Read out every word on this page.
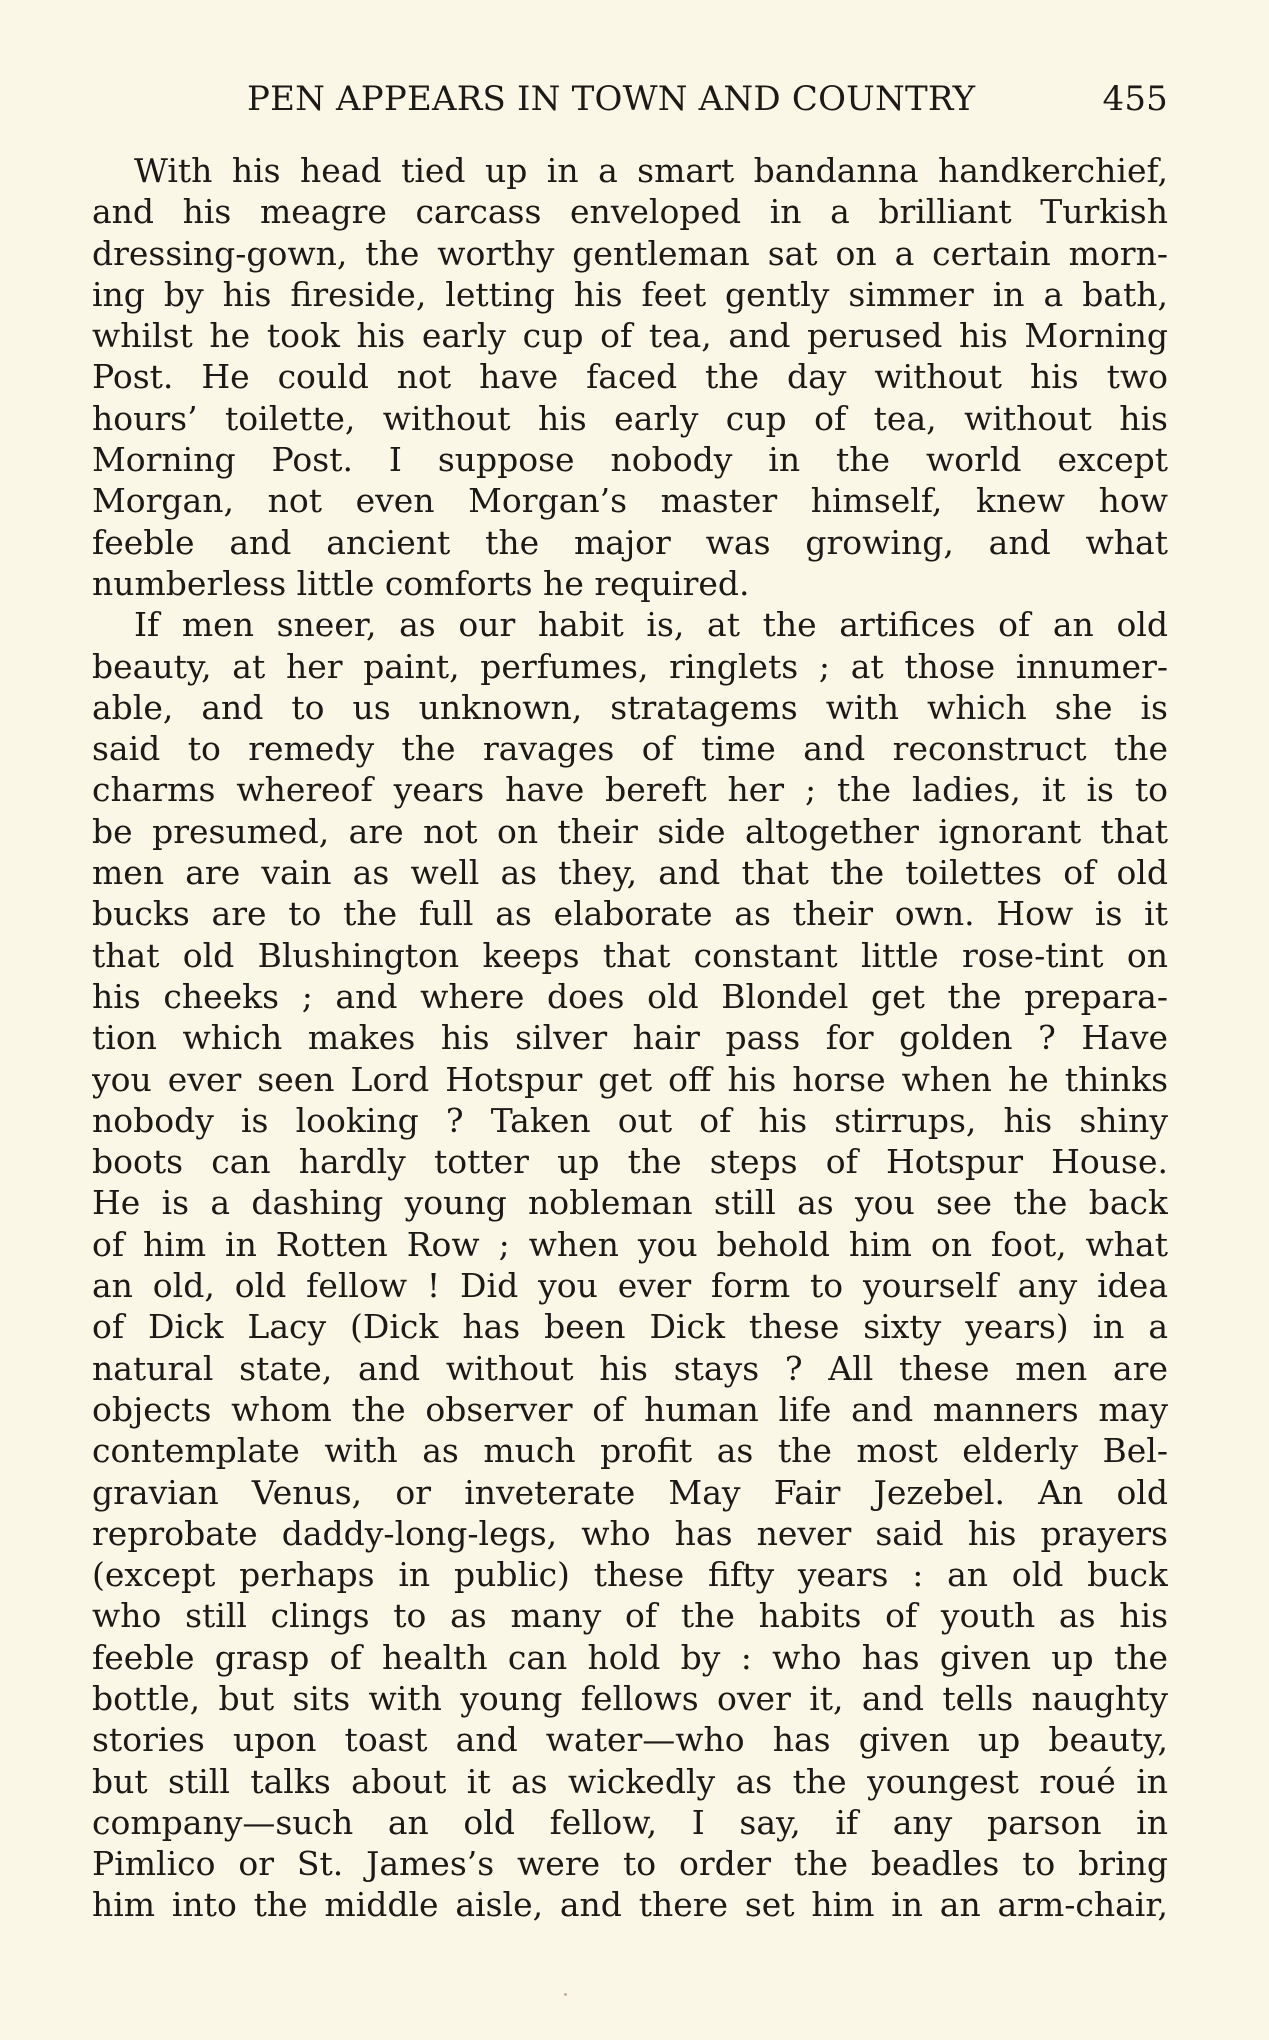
PEN APPEARS IN TOWN AND COUNTRY	455
With his head tied up in a smart bandanna handkerchief,
and his meagre carcass enveloped in a brilliant Turkish
dressing-gown, the worthy gentleman sat on a certain morn-
ing by his fireside, letting his feet gently simmer in a bath,
whilst he took his early cup of tea, and perused his Morning
Post. He could not have faced the day without his two
hours’ toilette, without his early cup of tea, without his
Morning Post. I suppose nobody in the world except
Morgan, not even Morgan’s master himself, knew how
feeble and ancient the major was growing, and what
numberless little comforts he required.
If men sneer, as our habit is, at the artifices of an old
beauty, at her paint, perfumes, ringlets ; at those innumer-
able, and to us unknown, stratagems with which she is
said to remedy the ravages of time and reconstruct the
charms whereof years have bereft her ; the ladies, it is to
be presumed, are not on their side altogether ignorant that
men are vain as well as they, and that the toilettes of old
bucks are to the full as elaborate as their own. How is it
that old Blushington keeps that constant little rose-tint on
his cheeks ; and where does old Blondel get the prepara-
tion which makes his silver hair pass for golden ? Have
you ever seen Lord Hotspur get off his horse when he thinks
nobody is looking ? Taken out of his stirrups, his shiny
boots can hardly totter up the steps of Hotspur House.
He is a dashing young nobleman still as you see the back
of him in Rotten Row ; when you behold him on foot, what
an old, old fellow ! Did you ever form to yourself any idea
of Dick Lacy (Dick has been Dick these sixty years) in a
natural state, and without his stays ? All these men are
objects whom the observer of human life and manners may
contemplate with as much profit as the most elderly Bel-
gravian Venus, or inveterate May Fair Jezebel. An old
reprobate daddy-long-legs, who has never said his prayers
(except perhaps in public) these fifty years : an old buck
who still clings to as many of the habits of youth as his
feeble grasp of health can hold by : who has given up the
bottle, but sits with young fellows over it, and tells naughty
stories upon toast and water—who has given up beauty,
but still talks about it as wickedly as the youngest roué in
company—such an old fellow, I say, if any parson in
Pimlico or St. James’s were to order the beadles to bring
him into the middle aisle, and there set him in an arm-chair,
